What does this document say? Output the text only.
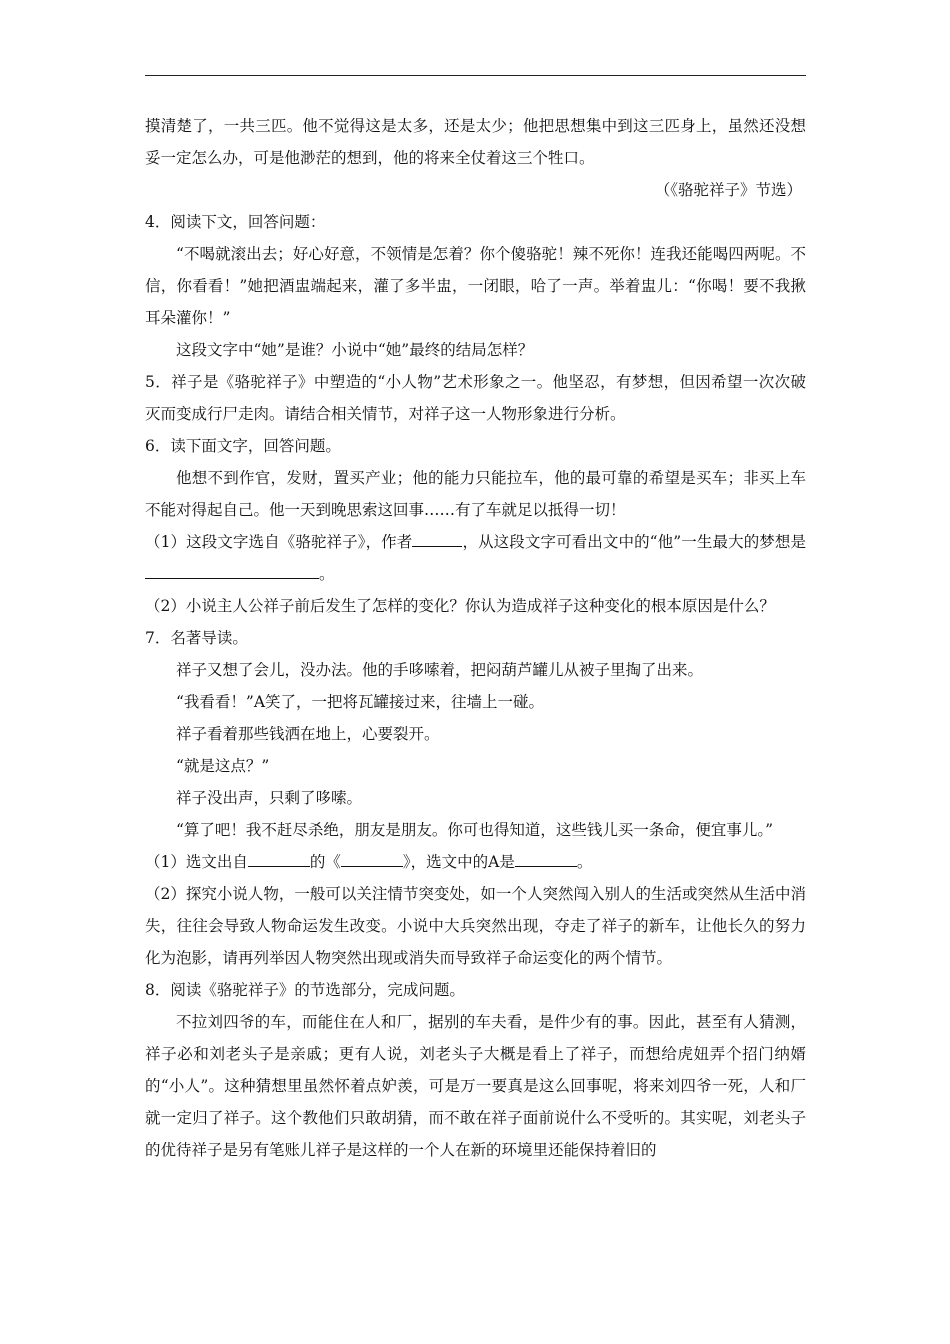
摸清楚了，一共三匹。他不觉得这是太多，还是太少；他把思想集中到这三匹身上，虽然还没想妥一定怎么办，可是他渺茫的想到，他的将来全仗着这三个牲口。

（《骆驼祥子》节选）

4．阅读下文，回答问题：

“不喝就滚出去；好心好意，不领情是怎着？你个傻骆驼！辣不死你！连我还能喝四两呢。不信，你看看！”她把酒盅端起来，灌了多半盅，一闭眼，哈了一声。举着盅儿：“你喝！要不我揪耳朵灌你！”

这段文字中“她”是谁？小说中“她”最终的结局怎样？

5．祥子是《骆驼祥子》中塑造的“小人物”艺术形象之一。他坚忍，有梦想，但因希望一次次破灭而变成行尸走肉。请结合相关情节，对祥子这一人物形象进行分析。

6．读下面文字，回答问题。

他想不到作官，发财，置买产业；他的能力只能拉车，他的最可靠的希望是买车；非买上车不能对得起自己。他一天到晚思索这回事……有了车就足以抵得一切！

（1）这段文字选自《骆驼祥子》，作者	，从这段文字可看出文中的“他”一生最大的梦想是。

（2）小说主人公祥子前后发生了怎样的变化？你认为造成祥子这种变化的根本原因是什么？

7．名著导读。

祥子又想了会儿，没办法。他的手哆嗦着，把闷葫芦罐儿从被子里掏了出来。

“我看看！”A笑了，一把将瓦罐接过来，往墙上一碰。

祥子看着那些钱洒在地上，心要裂开。

“就是这点？”

祥子没出声，只剩了哆嗦。

“算了吧！我不赶尽杀绝，朋友是朋友。你可也得知道，这些钱儿买一条命，便宜事儿。”

（1）选文出自	的《	》，选文中的A是	。

（2）探究小说人物，一般可以关注情节突变处，如一个人突然闯入别人的生活或突然从生活中消失，往往会导致人物命运发生改变。小说中大兵突然出现，夺走了祥子的新车，让他长久的努力化为泡影，请再列举因人物突然出现或消失而导致祥子命运变化的两个情节。

8．阅读《骆驼祥子》的节选部分，完成问题。

不拉刘四爷的车，而能住在人和厂，据别的车夫看，是件少有的事。因此，甚至有人猜测，祥子必和刘老头子是亲戚；更有人说，刘老头子大概是看上了祥子，而想给虎妞弄个招门纳婿的“小人”。这种猜想里虽然怀着点妒羡，可是万一要真是这么回事呢，将来刘四爷一死，人和厂就一定归了祥子。这个教他们只敢胡猜，而不敢在祥子面前说什么不受听的。其实呢，刘老头子的优待祥子是另有笔账儿祥子是这样的一个人在新的环境里还能保持着旧的
